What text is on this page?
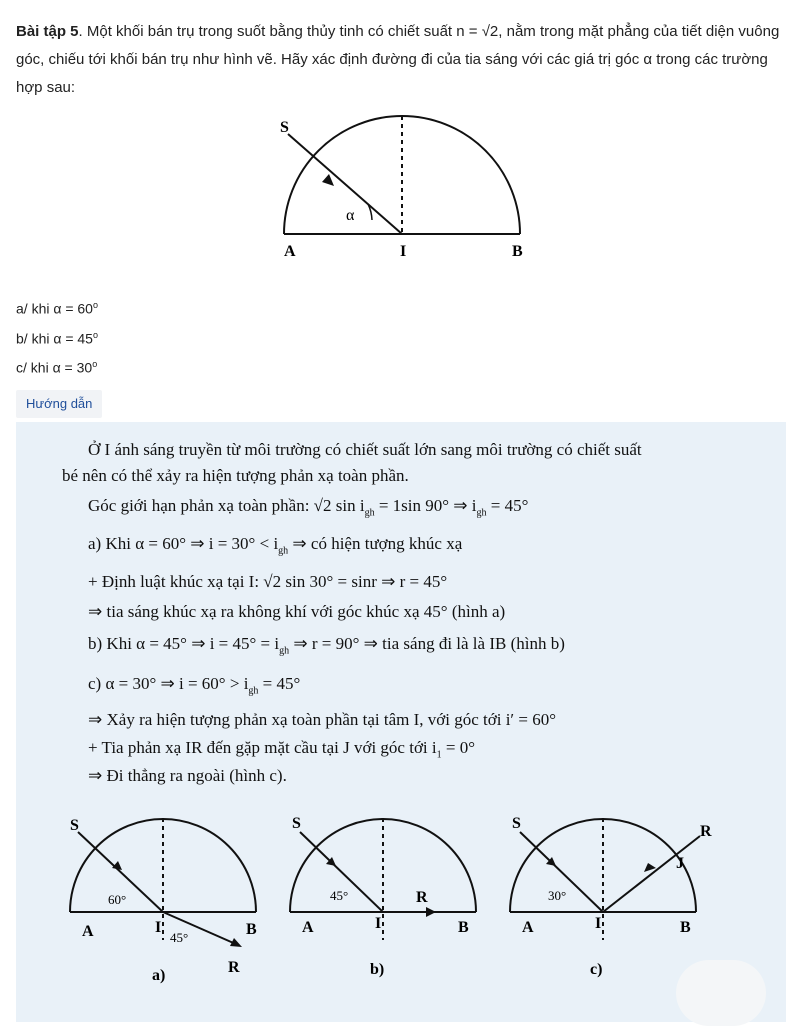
Bài tập 5. Một khối bán trụ trong suốt bằng thủy tinh có chiết suất n = √2, nằm trong mặt phẳng của tiết diện vuông góc, chiếu tới khối bán trụ như hình vẽ. Hãy xác định đường đi của tia sáng với các giá trị góc α trong các trường hợp sau:
S
α
A	I	B
a/ khi $\alpha = 60^o$
b/ khi $\alpha = 45^o$
c/ khi $\alpha = 30^o$
Hướng dẫn
Ở I ánh sáng truyền từ môi trường có chiết suất lớn sang môi trường có chiết suất
bé nên có thể xảy ra hiện tượng phản xạ toàn phần.
Góc giới hạn phản xạ toàn phần: √2 $\sin i_{gh} = 1\sin$ 90° ⇒ $i_{gh} = 45^\circ$
a) Khi α = 60° ⇒ $i = 30^\circ < i_{gh}$ ⇒ có hiện tượng khúc xạ
+ Định luật khúc xạ tại I: √2 sin 30° = sinr ⇒ r = 45°
⇒ tia sáng khúc xạ ra không khí với góc khúc xạ 45° (hình a)
b) Khi α = 45° ⇒ $i = 45^\circ = i_{gh}$ ⇒ r = 90° ⇒ tia sáng đi là là IB (hình b)
c) α = 30° ⇒ $i = 60^\circ > i_{gh} = 45^\circ$
⇒ Xảy ra hiện tượng phản xạ toàn phần tại tâm I, với góc tới i′ = 60°
+ Tia phản xạ IR đến gặp mặt cầu tại J với góc tới $i_1 = 0^\circ$
⇒ Đi thẳng ra ngoài (hình c).
S
60°
A	I
45°	B
R
a)
S
45°	R
A	I	B
b)
S	R
J
30°
A	I	B
c)
